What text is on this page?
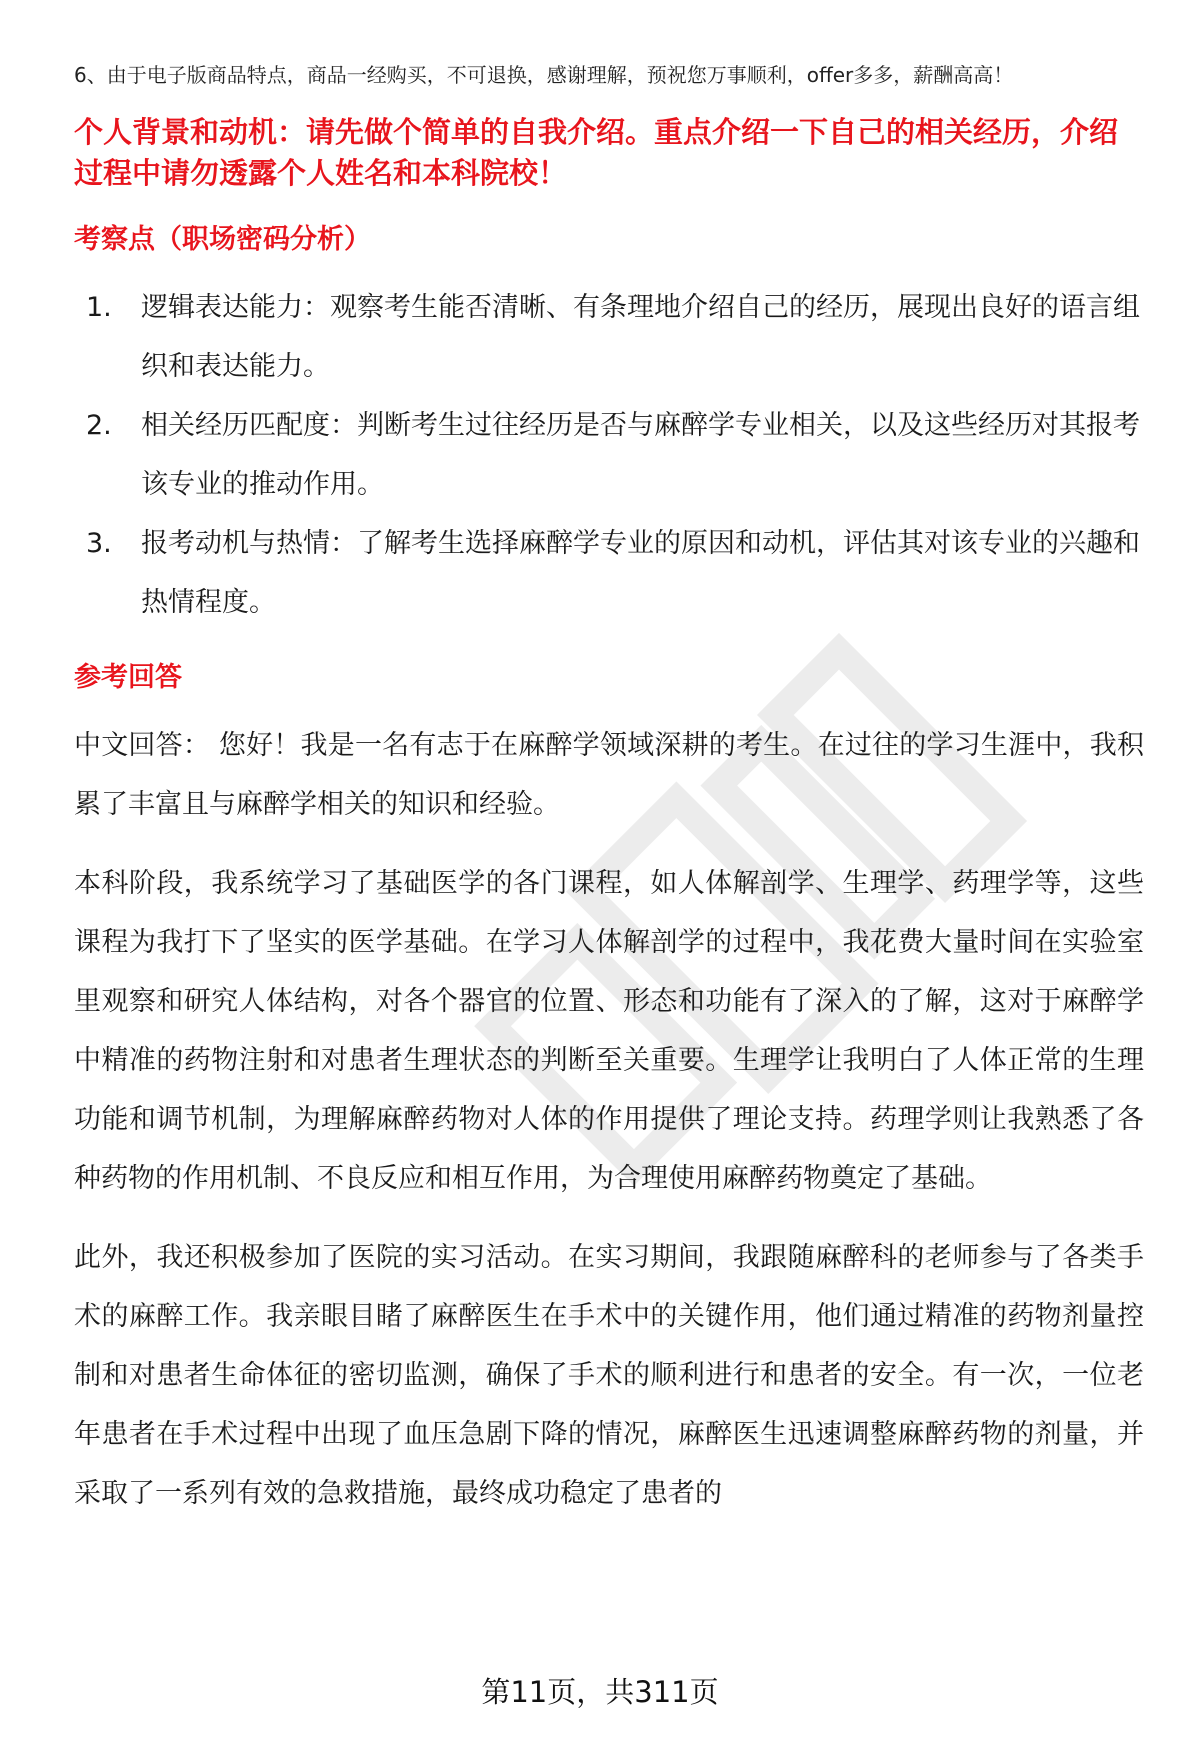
6、由于电子版商品特点，商品一经购买，不可退换，感谢理解，预祝您万事顺利，offer多多，薪酬高高！

个人背景和动机：请先做个简单的自我介绍。重点介绍一下自己的相关经历，介绍过程中请勿透露个人姓名和本科院校！

考察点（职场密码分析）
1. 逻辑表达能力：观察考生能否清晰、有条理地介绍自己的经历，展现出良好的语言组织和表达能力。
2. 相关经历匹配度：判断考生过往经历是否与麻醉学专业相关，以及这些经历对其报考该专业的推动作用。
3. 报考动机与热情：了解考生选择麻醉学专业的原因和动机，评估其对该专业的兴趣和热情程度。
参考回答

中文回答： 您好！我是一名有志于在麻醉学领域深耕的考生。在过往的学习生涯中，我积累了丰富且与麻醉学相关的知识和经验。

本科阶段，我系统学习了基础医学的各门课程，如人体解剖学、生理学、药理学等，这些课程为我打下了坚实的医学基础。在学习人体解剖学的过程中，我花费大量时间在实验室里观察和研究人体结构，对各个器官的位置、形态和功能有了深入的了解，这对于麻醉学中精准的药物注射和对患者生理状态的判断至关重要。生理学让我明白了人体正常的生理功能和调节机制，为理解麻醉药物对人体的作用提供了理论支持。药理学则让我熟悉了各种药物的作用机制、不良反应和相互作用，为合理使用麻醉药物奠定了基础。

此外，我还积极参加了医院的实习活动。在实习期间，我跟随麻醉科的老师参与了各类手术的麻醉工作。我亲眼目睹了麻醉医生在手术中的关键作用，他们通过精准的药物剂量控制和对患者生命体征的密切监测，确保了手术的顺利进行和患者的安全。有一次，一位老年患者在手术过程中出现了血压急剧下降的情况，麻醉医生迅速调整麻醉药物的剂量，并采取了一系列有效的急救措施，最终成功稳定了患者的

第11页，共311页
